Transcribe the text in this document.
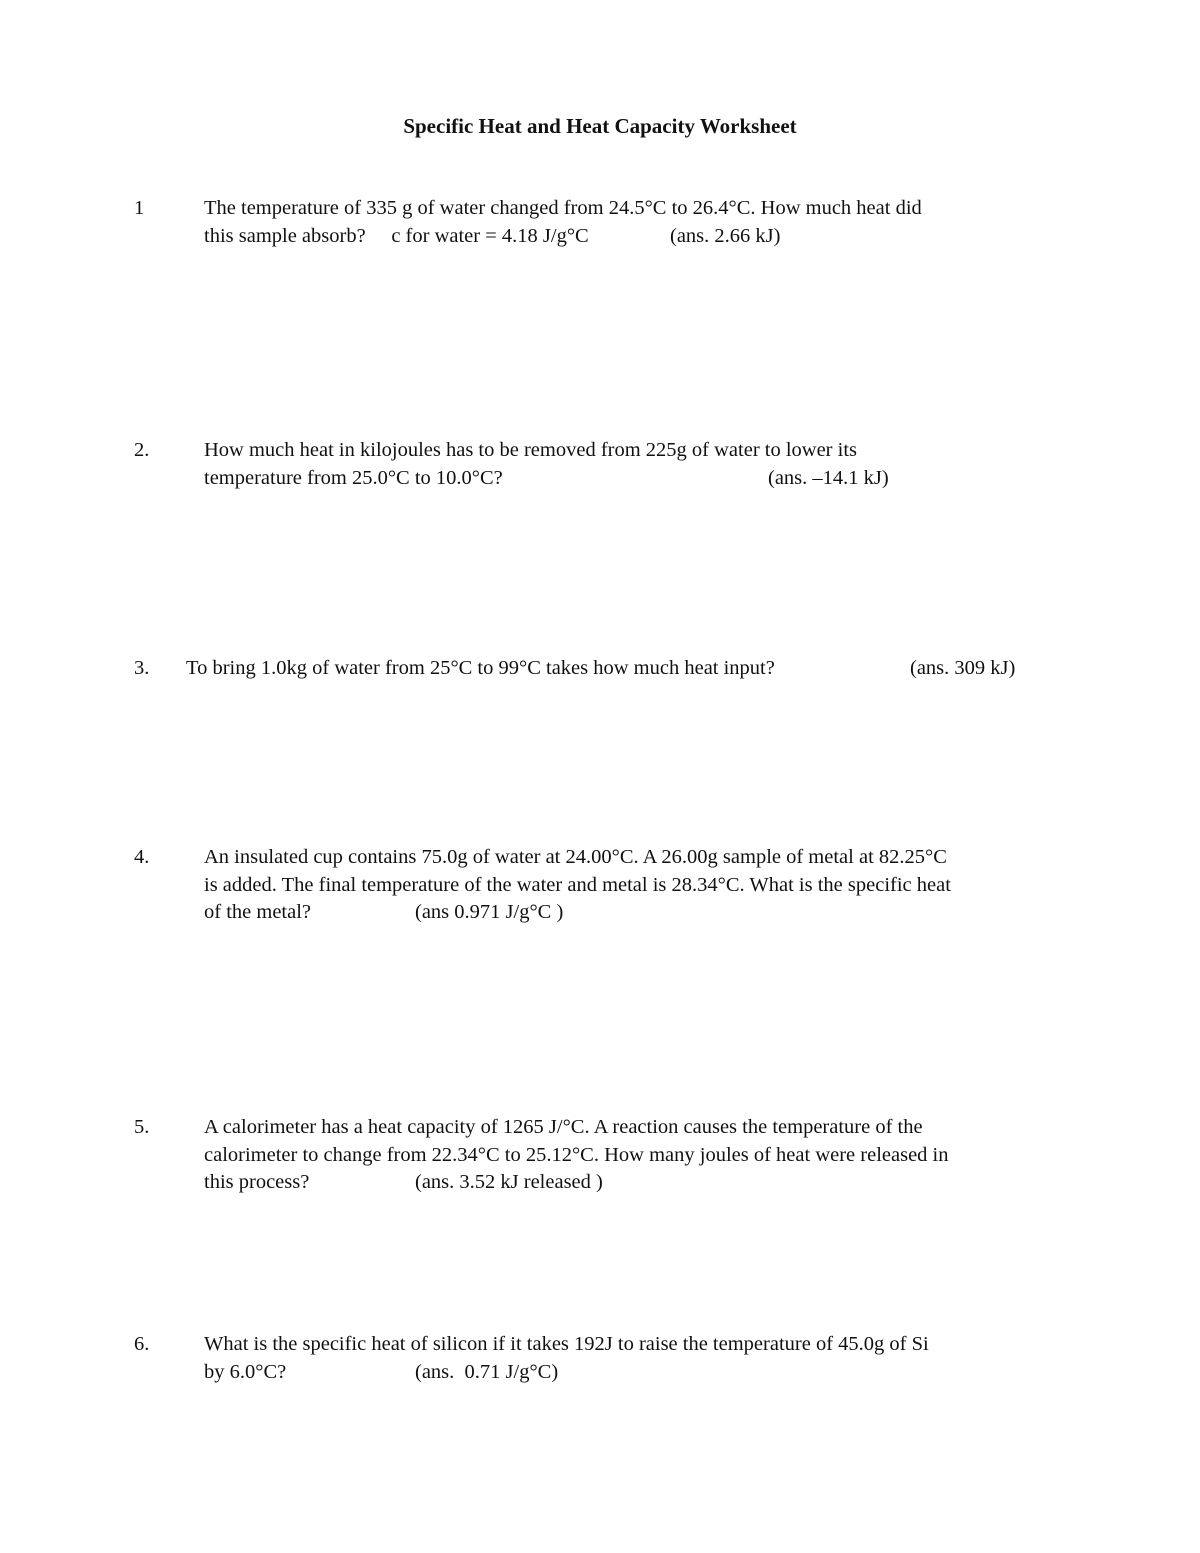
Specific Heat and Heat Capacity Worksheet
1	The temperature of 335 g of water changed from 24.5°C to 26.4°C. How much heat did
this sample absorb?     c for water = 4.18 J/g°C	(ans. 2.66 kJ)
2.	How much heat in kilojoules has to be removed from 225g of water to lower its
temperature from 25.0°C to 10.0°C?	(ans. –14.1 kJ)
3. To bring 1.0kg of water from 25°C to 99°C takes how much heat input?	(ans. 309 kJ)
4.	An insulated cup contains 75.0g of water at 24.00°C. A 26.00g sample of metal at 82.25°C
is added. The final temperature of the water and metal is 28.34°C. What is the specific heat
of the metal?	(ans 0.971 J/g°C )
5.	A calorimeter has a heat capacity of 1265 J/°C. A reaction causes the temperature of the
calorimeter to change from 22.34°C to 25.12°C. How many joules of heat were released in
this process?	(ans. 3.52 kJ released )
6.	What is the specific heat of silicon if it takes 192J to raise the temperature of 45.0g of Si
by 6.0°C?	(ans.  0.71 J/g°C)
